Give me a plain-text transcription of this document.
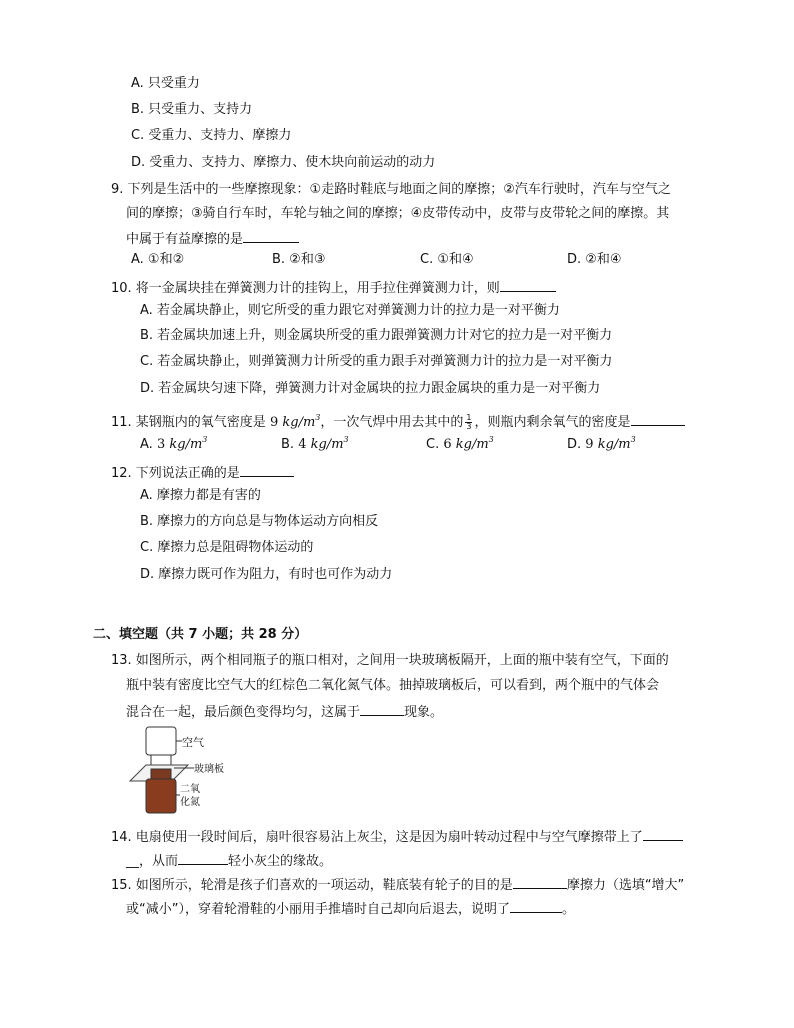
A. 只受重力
B. 只受重力、支持力
C. 受重力、支持力、摩擦力
D. 受重力、支持力、摩擦力、使木块向前运动的动力
9. 下列是生活中的一些摩擦现象：①走路时鞋底与地面之间的摩擦；②汽车行驶时，汽车与空气之
间的摩擦；③骑自行车时，车轮与轴之间的摩擦；④皮带传动中，皮带与皮带轮之间的摩擦。其
中属于有益摩擦的是
A. ①和②	B. ②和③	C. ①和④	D. ②和④
10. 将一金属块挂在弹簧测力计的挂钩上，用手拉住弹簧测力计，则
A. 若金属块静止，则它所受的重力跟它对弹簧测力计的拉力是一对平衡力
B. 若金属块加速上升，则金属块所受的重力跟弹簧测力计对它的拉力是一对平衡力
C. 若金属块静止，则弹簧测力计所受的重力跟手对弹簧测力计的拉力是一对平衡力
D. 若金属块匀速下降，弹簧测力计对金属块的拉力跟金属块的重力是一对平衡力
11. 某钢瓶内的氧气密度是 9 $kg/m^3$，一次气焊中用去其中的 $\frac{1}{3}$ ，则瓶内剩余氧气的密度是
A. 3 $kg/m^3$	B. 4 $kg/m^3$	C. 6 $kg/m^3$	D. 9 $kg/m^3$
12. 下列说法正确的是
A. 摩擦力都是有害的
B. 摩擦力的方向总是与物体运动方向相反
C. 摩擦力总是阻碍物体运动的
D. 摩擦力既可作为阻力，有时也可作为动力
二、填空题（共 7 小题；共 28 分）
13. 如图所示，两个相同瓶子的瓶口相对，之间用一块玻璃板隔开，上面的瓶中装有空气，下面的
瓶中装有密度比空气大的红棕色二氧化氮气体。抽掉玻璃板后，可以看到，两个瓶中的气体会
混合在一起，最后颜色变得均匀，这属于	现象。
空气
玻璃板
二氧
化氮
14. 电扇使用一段时间后，扇叶很容易沾上灰尘，这是因为扇叶转动过程中与空气摩擦带上了
__，从而	轻小灰尘的缘故。
15. 如图所示，轮滑是孩子们喜欢的一项运动，鞋底装有轮子的目的是	摩擦力（选填“增大”
或“减小”），穿着轮滑鞋的小丽用手推墙时自己却向后退去，说明了	。
